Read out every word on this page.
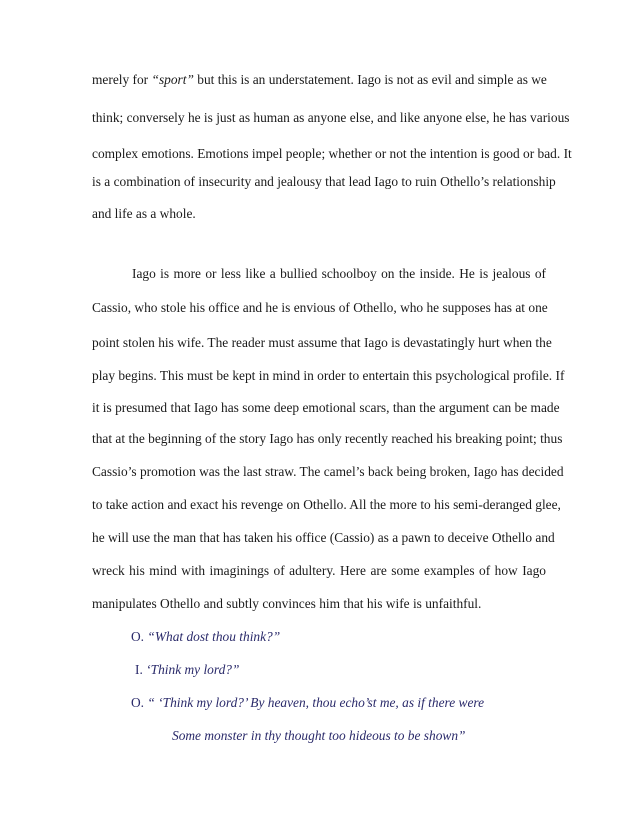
merely for “sport” but this is an understatement. Iago is not as evil and simple as we
think; conversely he is just as human as anyone else, and like anyone else, he has various
complex emotions. Emotions impel people; whether or not the intention is good or bad. It
is a combination of insecurity and jealousy that lead Iago to ruin Othello’s relationship
and life as a whole.
Iago is more or less like a bullied schoolboy on the inside. He is jealous of
Cassio, who stole his office and he is envious of Othello, who he supposes has at one
point stolen his wife. The reader must assume that Iago is devastatingly hurt when the
play begins. This must be kept in mind in order to entertain this psychological profile. If
it is presumed that Iago has some deep emotional scars, than the argument can be made
that at the beginning of the story Iago has only recently reached his breaking point; thus
Cassio’s promotion was the last straw. The camel’s back being broken, Iago has decided
to take action and exact his revenge on Othello. All the more to his semi-deranged glee,
he will use the man that has taken his office (Cassio) as a pawn to deceive Othello and
wreck his mind with imaginings of adultery. Here are some examples of how Iago
manipulates Othello and subtly convinces him that his wife is unfaithful.
O. “What dost thou think?”
I. ‘Think my lord?”
O. “ ‘Think my lord?’ By heaven, thou echo’st me, as if there were
Some monster in thy thought too hideous to be shown”
